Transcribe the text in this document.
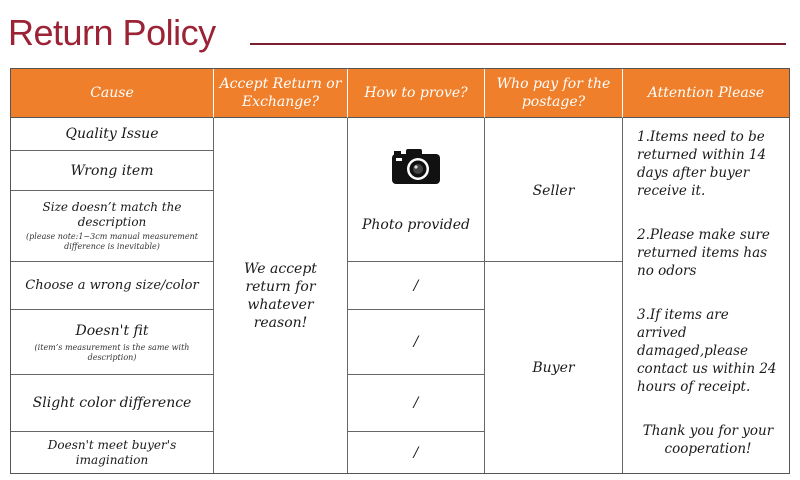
Return Policy
Cause
Accept Return or Exchange?
How to prove?
Who pay for the postage?
Attention Please
Quality Issue
Wrong item
Size doesn’t match the description
(please note:1~3cm manual measurement difference is inevitable)
Choose a wrong size/color
Doesn't fit
(item’s measurement is the same with description)
Slight color difference
Doesn't meet buyer's imagination
We accept return for whatever reason!
Photo provided
/
/
/
/
Seller
Buyer

1.Items need to be returned within 14 days after buyer receive it.

2.Please make sure returned items has no odors

3.If items are arrived damaged,please contact us within 24 hours of receipt.

Thank you for your cooperation!
